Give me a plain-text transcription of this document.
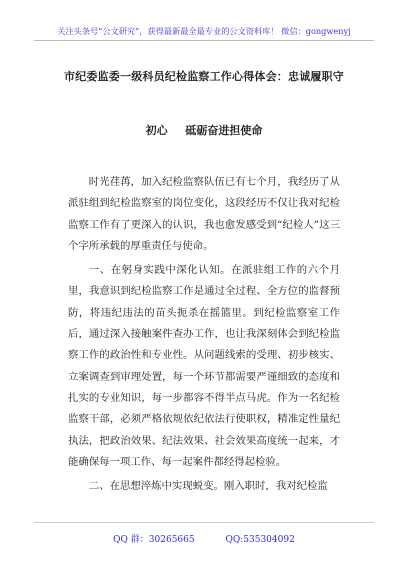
关注头条号“公文研究”，获得最新最全最专业的公文资料库！ 微信：gongwenyj
市纪委监委一级科员纪检监察工作心得体会：忠诚履职守
初心 砥砺奋进担使命

时光荏苒，加入纪检监察队伍已有七个月，我经历了从派驻组到纪检监察室的岗位变化，这段经历不仅让我对纪检监察工作有了更深入的认识，我也愈发感受到“纪检人”这三个字所承载的厚重责任与使命。

一、在躬身实践中深化认知。在派驻组工作的六个月里，我意识到纪检监察工作是通过全过程、全方位的监督预防，将违纪违法的苗头扼杀在摇篮里。到纪检监察室工作后，通过深入接触案件查办工作，也让我深刻体会到纪检监察工作的政治性和专业性。从问题线索的受理、初步核实、立案调查到审理处置，每一个环节都需要严谨细致的态度和扎实的专业知识，每一步都容不得半点马虎。作为一名纪检监察干部，必须严格依规依纪依法行使职权，精准定性量纪执法，把政治效果、纪法效果、社会效果高度统一起来，才能确保每一项工作、每一起案件都经得起检验。

二、在思想淬炼中实现蜕变。刚入职时，我对纪检监

QQ 群：30265665	QQ:535304092
